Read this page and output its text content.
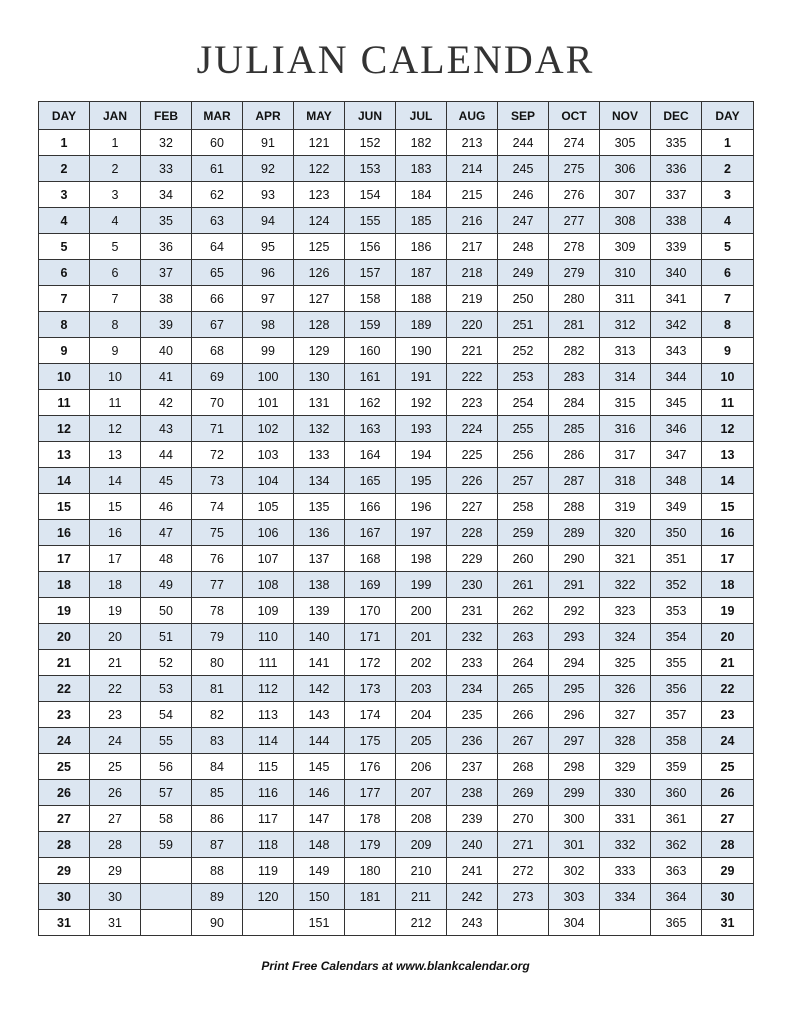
JULIAN CALENDAR
DAY	JAN	FEB	MAR	APR	MAY	JUN	JUL	AUG	SEP	OCT	NOV	DEC	DAY
1	1	32	60	91	121	152	182	213	244	274	305	335	1
2	2	33	61	92	122	153	183	214	245	275	306	336	2
3	3	34	62	93	123	154	184	215	246	276	307	337	3
4	4	35	63	94	124	155	185	216	247	277	308	338	4
5	5	36	64	95	125	156	186	217	248	278	309	339	5
6	6	37	65	96	126	157	187	218	249	279	310	340	6
7	7	38	66	97	127	158	188	219	250	280	311	341	7
8	8	39	67	98	128	159	189	220	251	281	312	342	8
9	9	40	68	99	129	160	190	221	252	282	313	343	9
10	10	41	69	100	130	161	191	222	253	283	314	344	10
11	11	42	70	101	131	162	192	223	254	284	315	345	11
12	12	43	71	102	132	163	193	224	255	285	316	346	12
13	13	44	72	103	133	164	194	225	256	286	317	347	13
14	14	45	73	104	134	165	195	226	257	287	318	348	14
15	15	46	74	105	135	166	196	227	258	288	319	349	15
16	16	47	75	106	136	167	197	228	259	289	320	350	16
17	17	48	76	107	137	168	198	229	260	290	321	351	17
18	18	49	77	108	138	169	199	230	261	291	322	352	18
19	19	50	78	109	139	170	200	231	262	292	323	353	19
20	20	51	79	110	140	171	201	232	263	293	324	354	20
21	21	52	80	111	141	172	202	233	264	294	325	355	21
22	22	53	81	112	142	173	203	234	265	295	326	356	22
23	23	54	82	113	143	174	204	235	266	296	327	357	23
24	24	55	83	114	144	175	205	236	267	297	328	358	24
25	25	56	84	115	145	176	206	237	268	298	329	359	25
26	26	57	85	116	146	177	207	238	269	299	330	360	26
27	27	58	86	117	147	178	208	239	270	300	331	361	27
28	28	59	87	118	148	179	209	240	271	301	332	362	28
29	29		88	119	149	180	210	241	272	302	333	363	29
30	30		89	120	150	181	211	242	273	303	334	364	30
31	31		90		151		212	243		304		365	31
Print Free Calendars at www.blankcalendar.org
